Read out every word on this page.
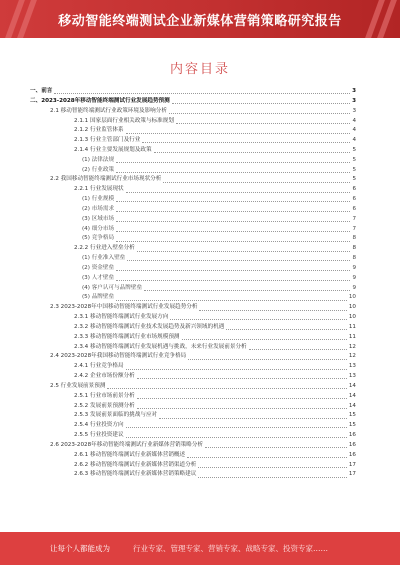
移动智能终端测试企业新媒体营销策略研究报告
内容目录
一、前言	3
二、2023-2028年移动智能终端测试行业发展趋势预测	3
2.1 移动智能终端测试行业政策环境及影响分析	3
2.1.1 国家层面行业相关政策与标准规划	4
2.1.2 行业监管体系	4
2.1.3 行业主管部门及行业	4
2.1.4 行业主要发展规划及政策	5
(1) 法律法规	5
(2) 行业政策	5
2.2 我国移动智能终端测试行业市场现状分析	5
2.2.1 行业发展现状	6
(1) 行业规模	6
(2) 市场需求	6
(3) 区域市场	7
(4) 细分市场	7
(5) 竞争格局	8
2.2.2 行业进入壁垒分析	8
(1) 行业准入壁垒	8
(2) 资金壁垒	9
(3) 人才壁垒	9
(4) 客户认可与品牌壁垒	9
(5) 品牌壁垒	10
2.3 2023-2028年中国移动智能终端测试行业发展趋势分析	10
2.3.1 移动智能终端测试行业发展方向	10
2.3.2 移动智能终端测试行业技术发展趋势及新兴领域的机遇	11
2.3.3 移动智能终端测试行业市场规模预测	11
2.3.4 移动智能终端测试行业发展机遇与挑战，未来行业发展前景分析	12
2.4 2023-2028年我国移动智能终端测试行业竞争格局	12
2.4.1 行业竞争格局	13
2.4.2 企业市场份额分析	13
2.5 行业发展前景预测	14
2.5.1 行业市场前景分析	14
2.5.2 发展前景预测分析	14
2.5.3 发展前景面临的挑战与应对	15
2.5.4 行业投资方向	15
2.5.5 行业投资建议	16
2.6 2023-2028年移动智能终端测试行业新媒体营销策略分析	16
2.6.1 移动智能终端测试行业新媒体营销概述	16
2.6.2 移动智能终端测试行业新媒体营销渠道分析	17
2.6.3 移动智能终端测试行业新媒体营销策略建议	17
让每个人都能成为	行业专家、管理专家、营销专家、战略专家、投资专家……
